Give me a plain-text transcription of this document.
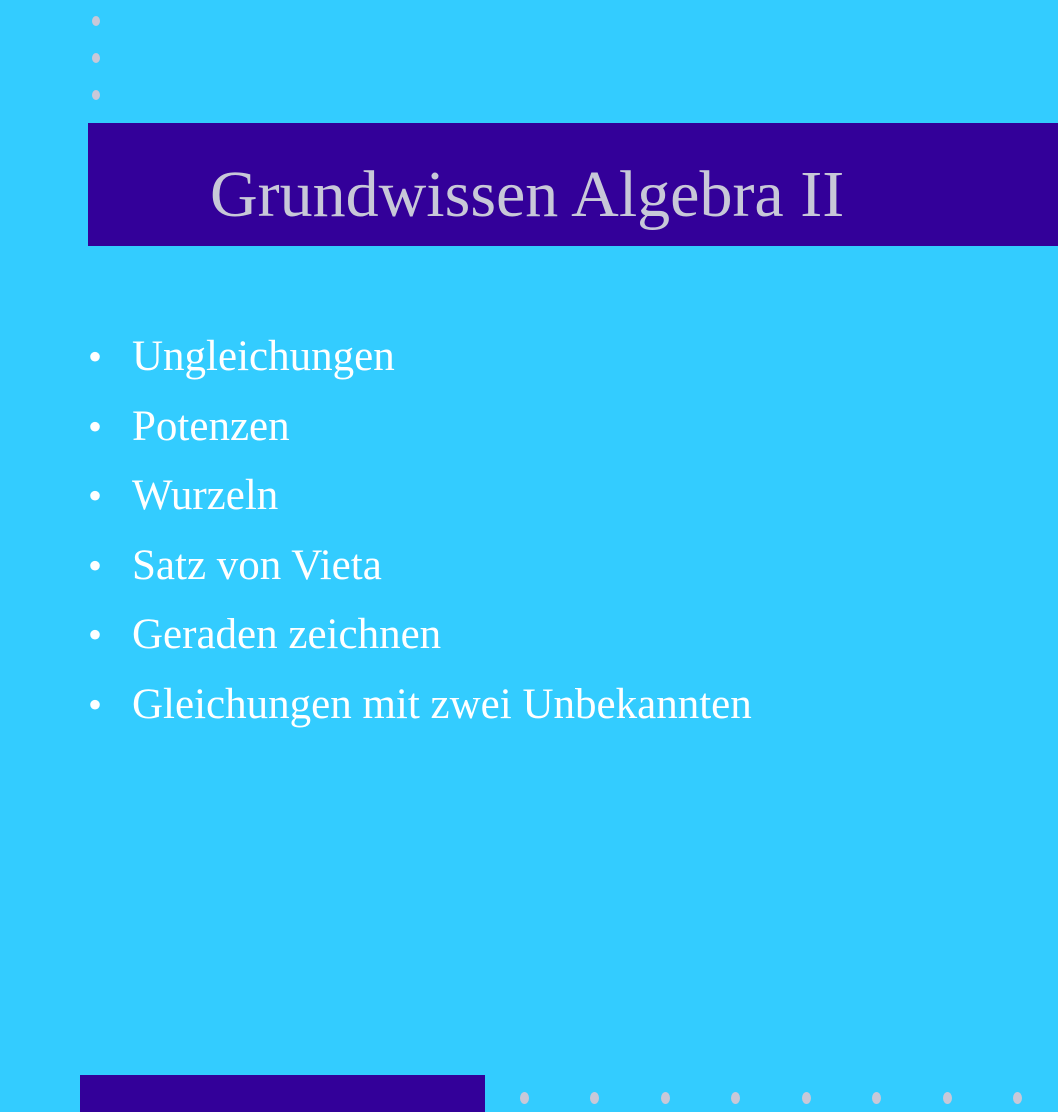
Grundwissen Algebra II
• Ungleichungen
• Potenzen
• Wurzeln
• Satz von Vieta
• Geraden zeichnen
• Gleichungen mit zwei Unbekannten
